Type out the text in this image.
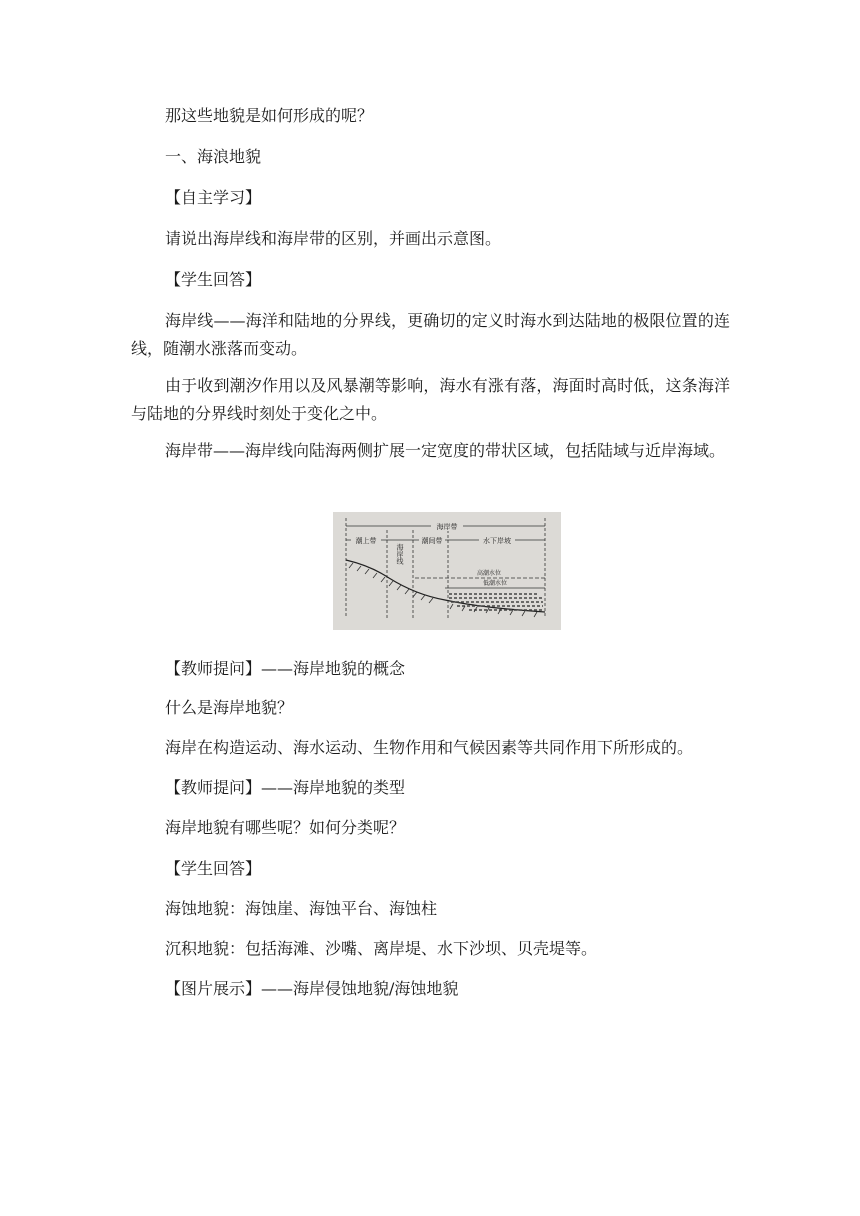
那这些地貌是如何形成的呢？
一、海浪地貌
【自主学习】
请说出海岸线和海岸带的区别，并画出示意图。
【学生回答】
海岸线——海洋和陆地的分界线，更确切的定义时海水到达陆地的极限位置的连线，随潮水涨落而变动。
由于收到潮汐作用以及风暴潮等影响，海水有涨有落，海面时高时低，这条海洋与陆地的分界线时刻处于变化之中。
海岸带——海岸线向陆海两侧扩展一定宽度的带状区域，包括陆域与近岸海域。
海岸带
潮上带	潮间带	水下岸坡
海岸线
高潮水位
低潮水位
【教师提问】——海岸地貌的概念
什么是海岸地貌？
海岸在构造运动、海水运动、生物作用和气候因素等共同作用下所形成的。
【教师提问】——海岸地貌的类型
海岸地貌有哪些呢？如何分类呢？
【学生回答】
海蚀地貌：海蚀崖、海蚀平台、海蚀柱
沉积地貌：包括海滩、沙嘴、离岸堤、水下沙坝、贝壳堤等。
【图片展示】——海岸侵蚀地貌/海蚀地貌
